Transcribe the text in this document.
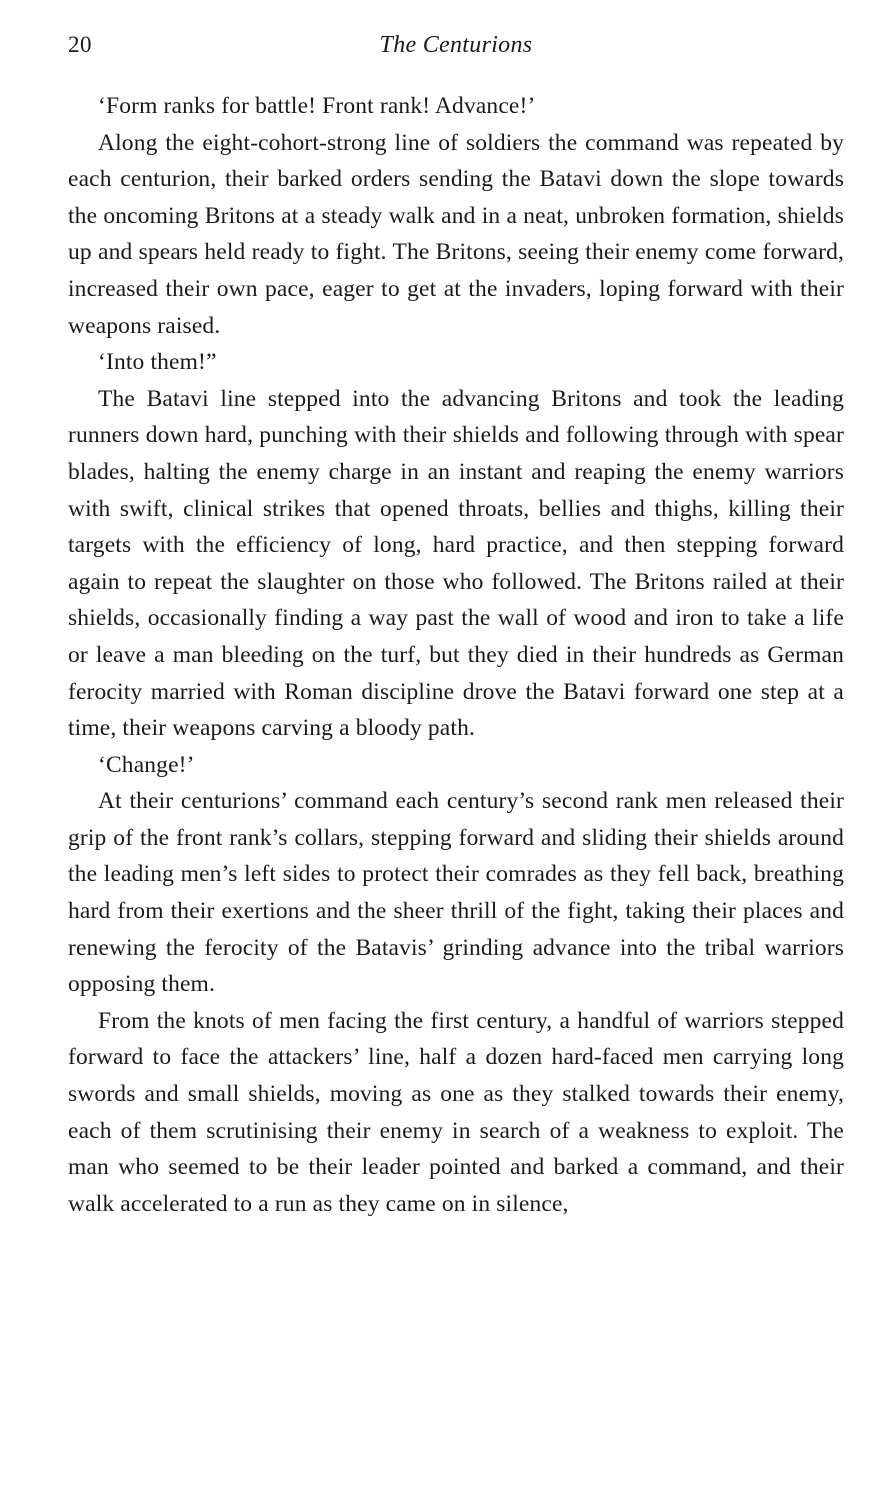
20	The Centurions

‘Form ranks for battle! Front rank! Advance!’

Along the eight-cohort-strong line of soldiers the command was repeated by each centurion, their barked orders sending the Batavi down the slope towards the oncoming Britons at a steady walk and in a neat, unbroken formation, shields up and spears held ready to fight. The Britons, seeing their enemy come forward, increased their own pace, eager to get at the invaders, loping forward with their weapons raised.

‘Into them!”

The Batavi line stepped into the advancing Britons and took the leading runners down hard, punching with their shields and following through with spear blades, halting the enemy charge in an instant and reaping the enemy warriors with swift, clinical strikes that opened throats, bellies and thighs, killing their targets with the efficiency of long, hard practice, and then stepping forward again to repeat the slaughter on those who followed. The Britons railed at their shields, occasionally finding a way past the wall of wood and iron to take a life or leave a man bleeding on the turf, but they died in their hundreds as German ferocity married with Roman discipline drove the Batavi forward one step at a time, their weapons carving a bloody path.

‘Change!’

At their centurions’ command each century’s second rank men released their grip of the front rank’s collars, stepping forward and sliding their shields around the leading men’s left sides to protect their comrades as they fell back, breathing hard from their exertions and the sheer thrill of the fight, taking their places and renewing the ferocity of the Batavis’ grinding advance into the tribal warriors opposing them.

From the knots of men facing the first century, a handful of warriors stepped forward to face the attackers’ line, half a dozen hard-faced men carrying long swords and small shields, moving as one as they stalked towards their enemy, each of them scrutinising their enemy in search of a weakness to exploit. The man who seemed to be their leader pointed and barked a command, and their walk accelerated to a run as they came on in silence,
